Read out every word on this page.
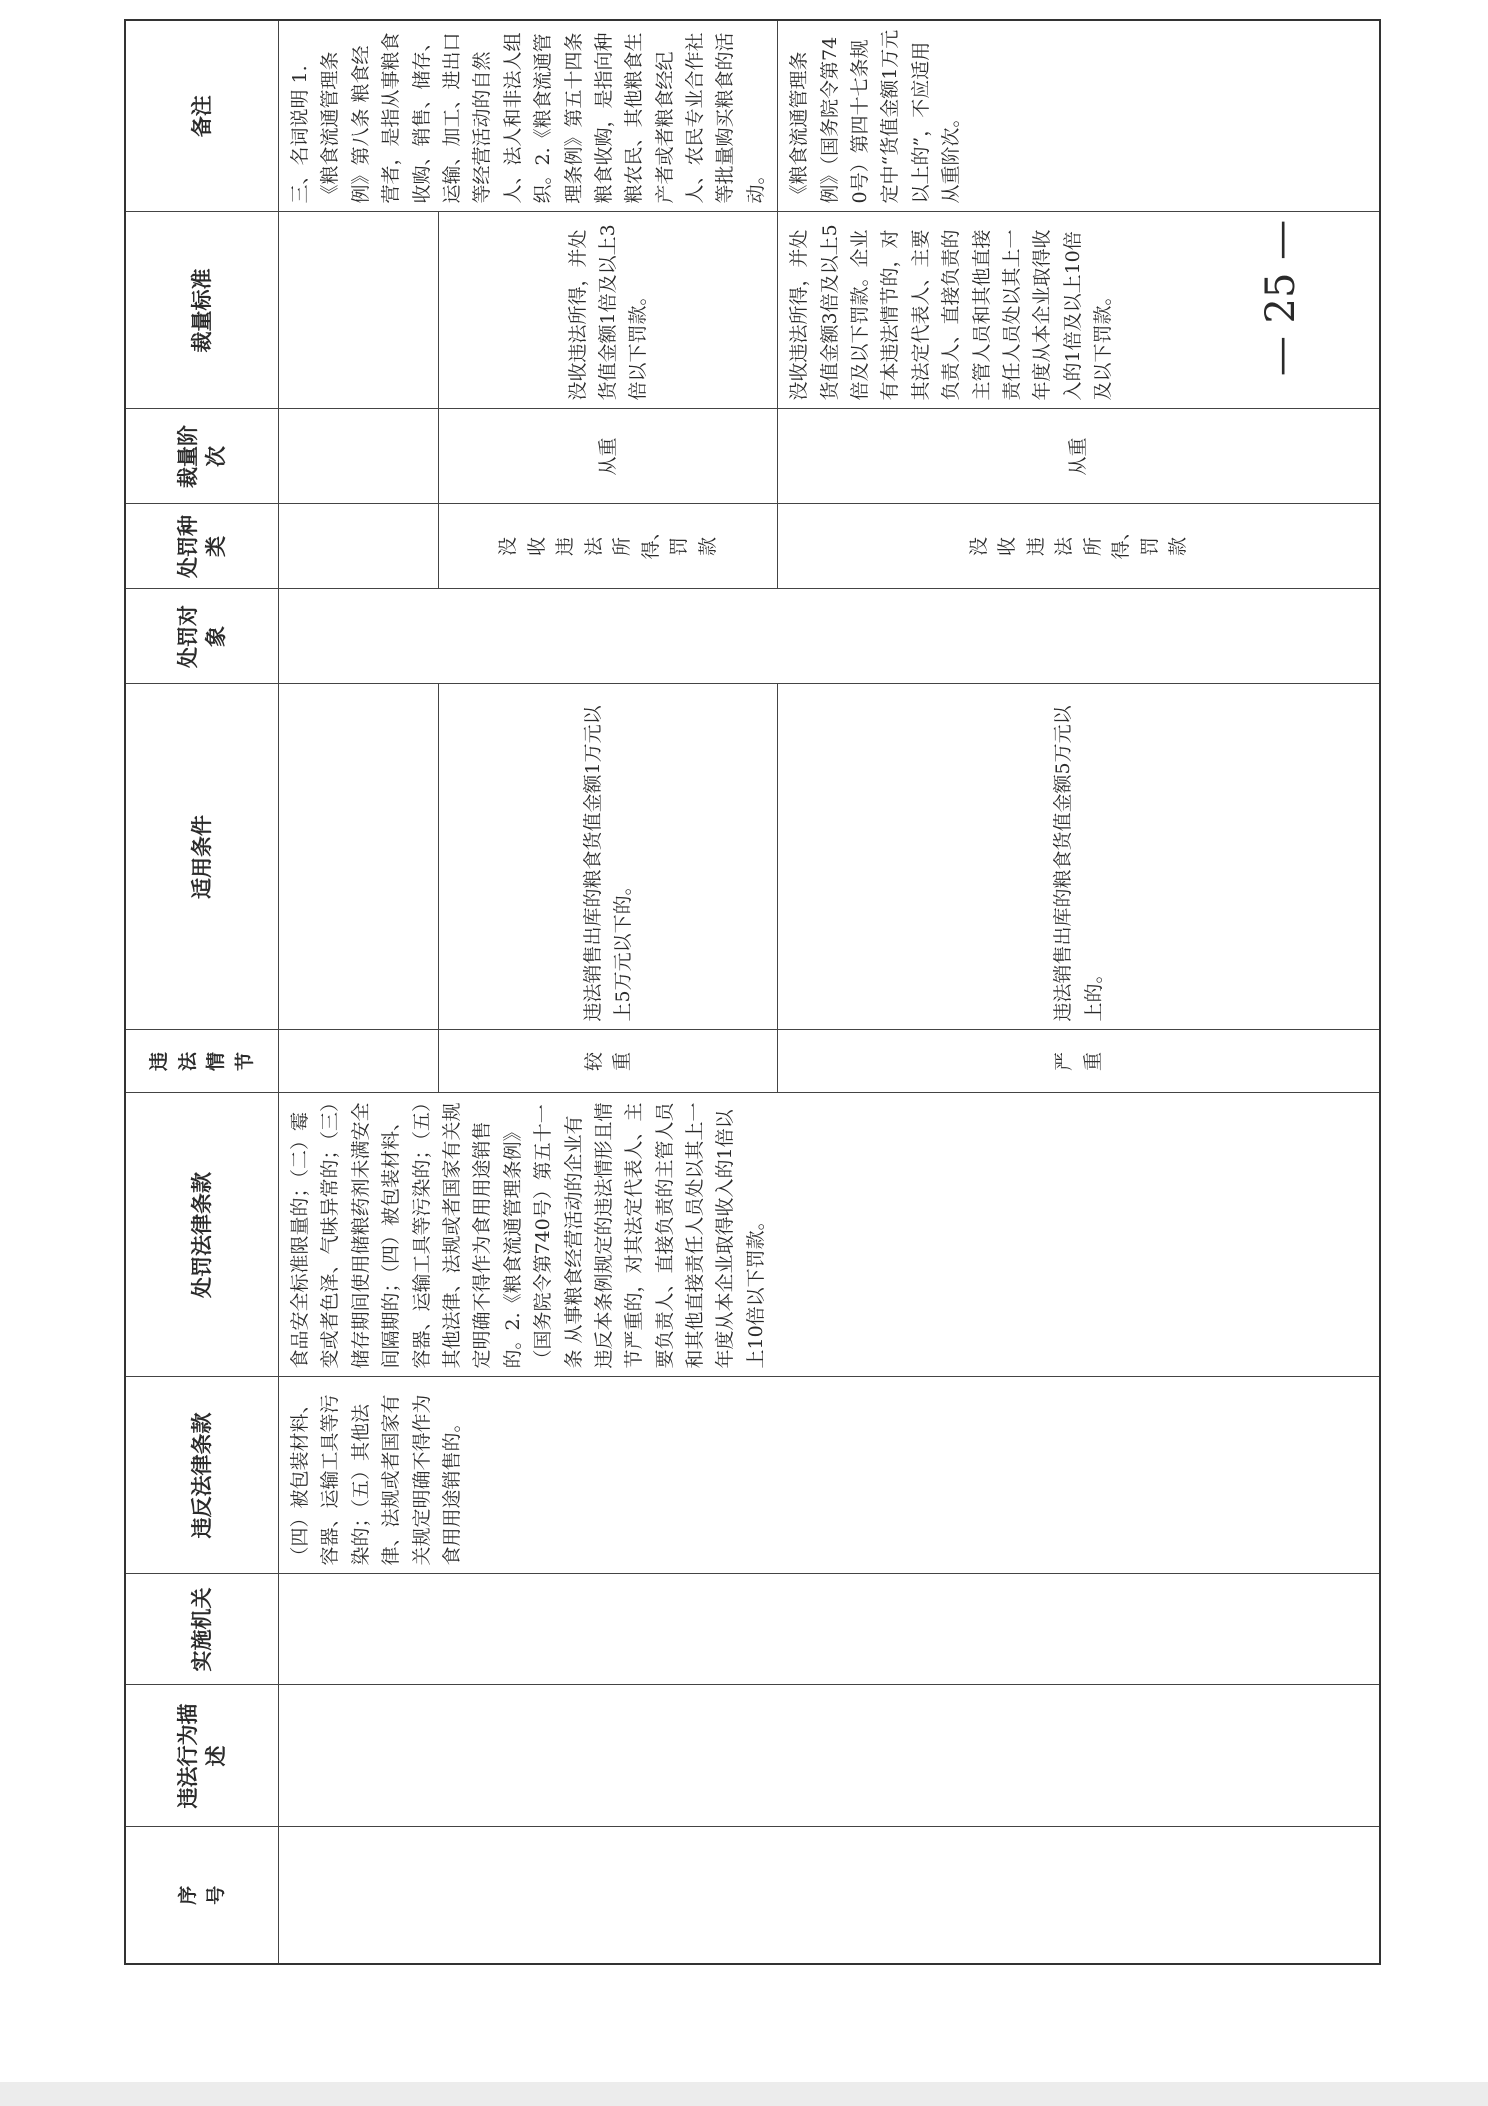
序号	违法行为描述	实施机关	违反法律条款	处罚法律条款	违法情节	适用条件	处罚对象	处罚种类	裁量阶次	裁量标准	备注
			（四）被包装材料、容器、运输工具等污染的；（五）其他法律、法规或者国家有关规定明确不得作为食用用途销售的。	食品安全标准限量的；（二）霉变或者色泽、气味异常的；（三）储存期间使用储粮药剂未满安全间隔期的；（四）被包装材料、容器、运输工具等污染的；（五）其他法律、法规或者国家有关规定明确不得作为食用用途销售的。2.《粮食流通管理条例》（国务院令第740号）第五十一条 从事粮食经营活动的企业有违反本条例规定的违法情形且情节严重的，对其法定代表人、主要负责人、直接负责的主管人员和其他直接责任人员处以其上一年度从本企业取得收入的1倍以上10倍以下罚款。							三、名词说明 1.《粮食流通管理条例》第八条 粮食经营者，是指从事粮食收购、销售、储存、运输、加工、进出口等经营活动的自然人、法人和非法人组织。2.《粮食流通管理条例》第五十四条 粮食收购，是指向种粮农民、其他粮食生产者或者粮食经纪人、农民专业合作社等批量购买粮食的活动。

					较重	违法销售出库的粮食货值金额1万元以上5万元以下的。		没收违法所得、罚款	从重	没收违法所得，并处货值金额1倍及以上3倍以下罚款。	

					严重	违法销售出库的粮食货值金额5万元以上的。		没收违法所得、罚款	从重	没收违法所得，并处货值金额3倍及以上5倍及以下罚款。企业有本违法情节的，对其法定代表人、主要负责人、直接负责的主管人员和其他直接责任人员处以其上一年度从本企业取得收入的1倍及以上10倍及以下罚款。	《粮食流通管理条例》（国务院令第740号）第四十七条规定中“货值金额1万元以上的”，不应适用从重阶次。
— 25 —
